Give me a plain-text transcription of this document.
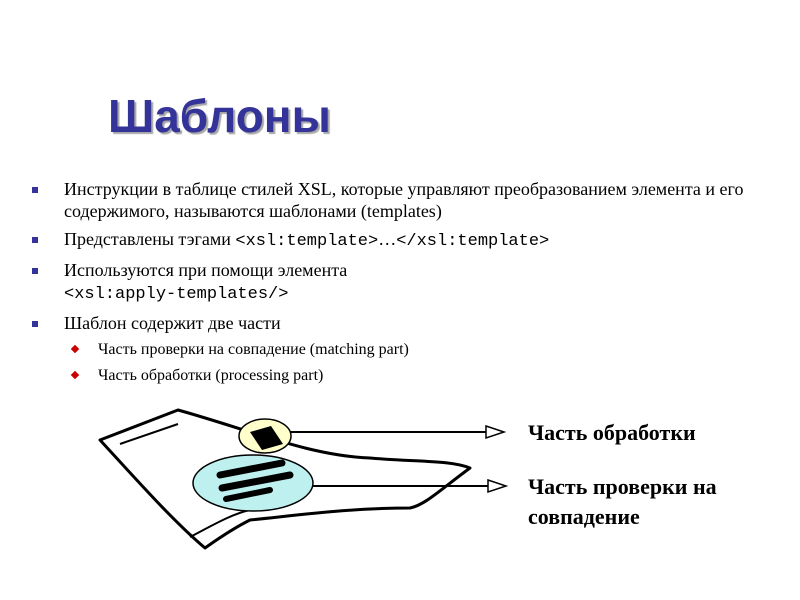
Шаблоны
Инструкции в таблице стилей XSL, которые управляют преобразованием элемента и его содержимого, называются шаблонами (templates)
Представлены тэгами <xsl:template>…</xsl:template>
Используются при помощи элемента
<xsl:apply-templates/>
Шаблон содержит две части
Часть проверки на совпадение (matching part)
Часть обработки (processing part)

Часть обработки

Часть проверки на совпадение
